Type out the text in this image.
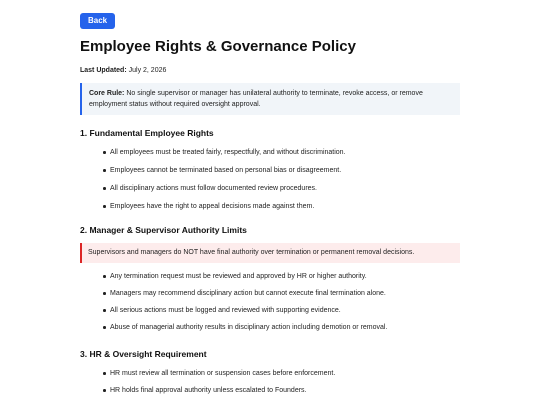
Back
Employee Rights & Governance Policy

Last Updated: July 2, 2026

Core Rule: No single supervisor or manager has unilateral authority to terminate, revoke access, or remove employment status without required oversight approval.
1. Fundamental Employee Rights
All employees must be treated fairly, respectfully, and without discrimination.
Employees cannot be terminated based on personal bias or disagreement.
All disciplinary actions must follow documented review procedures.
Employees have the right to appeal decisions made against them.
2. Manager & Supervisor Authority Limits
Supervisors and managers do NOT have final authority over termination or permanent removal decisions.
Any termination request must be reviewed and approved by HR or higher authority.
Managers may recommend disciplinary action but cannot execute final termination alone.
All serious actions must be logged and reviewed with supporting evidence.
Abuse of managerial authority results in disciplinary action including demotion or removal.
3. HR & Oversight Requirement
HR must review all termination or suspension cases before enforcement.
HR holds final approval authority unless escalated to Founders.
